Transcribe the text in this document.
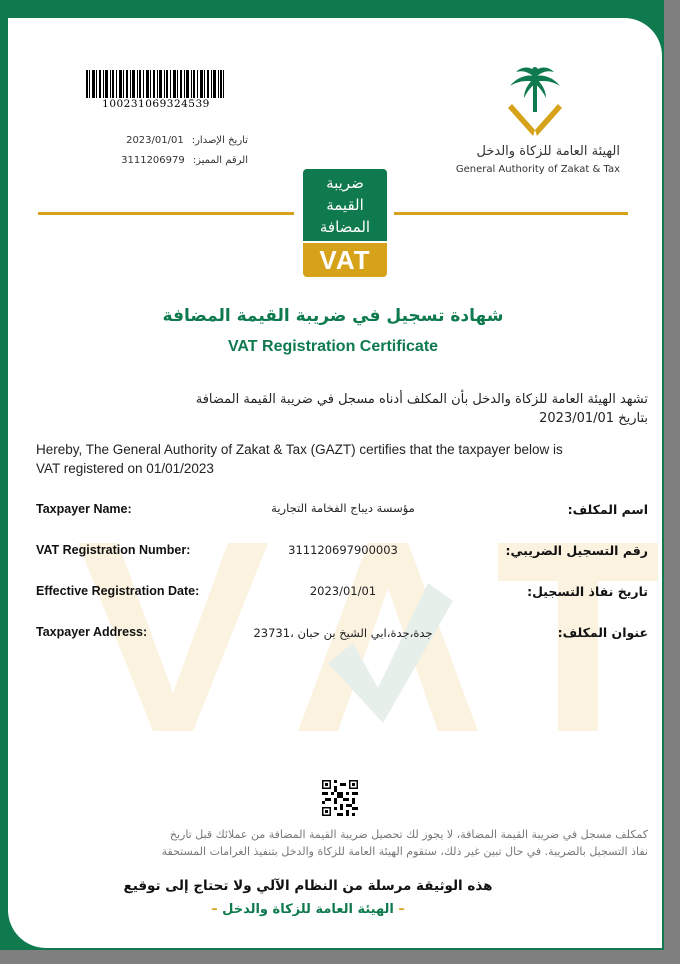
100231069324539
تاريخ الإصدار:2023/01/01
الرقم المميز:3111206979
الهيئة العامة للزكاة والدخل
General Authority of Zakat & Tax
ضريبة
القيمة
المضافة
VAT
شهادة تسجيل في ضريبة القيمة المضافة
VAT Registration Certificate
تشهد الهيئة العامة للزكاة والدخل بأن المكلف أدناه مسجل في ضريبة القيمة المضافة
بتاريخ 2023/01/01
Hereby, The General Authority of Zakat & Tax (GAZT) certifies that the taxpayer below is
VAT registered on 01/01/2023
Taxpayer Name:	مؤسسة ديباج الفخامة التجارية	اسم المكلف:
VAT Registration Number:	311120697900003	رقم التسجيل الضريبي:
Effective Registration Date:	2023/01/01	تاريخ نفاذ التسجيل:
Taxpayer Address:	جدة،جدة،ابي الشيخ بن حبان ،23731	عنوان المكلف:
كمكلف مسجل في ضريبة القيمة المضافة، لا يجوز لك تحصيل ضريبة القيمة المضافة من عملائك قبل تاريخ
نفاذ التسجيل بالضريبة. في حال تبين غير ذلك، ستقوم الهيئة العامة للزكاة والدخل بتنفيذ الغرامات المستحقة
هذه الوثيقة مرسلة من النظام الآلي ولا تحتاج إلى توقيع
– الهيئة العامة للزكاة والدخل –
